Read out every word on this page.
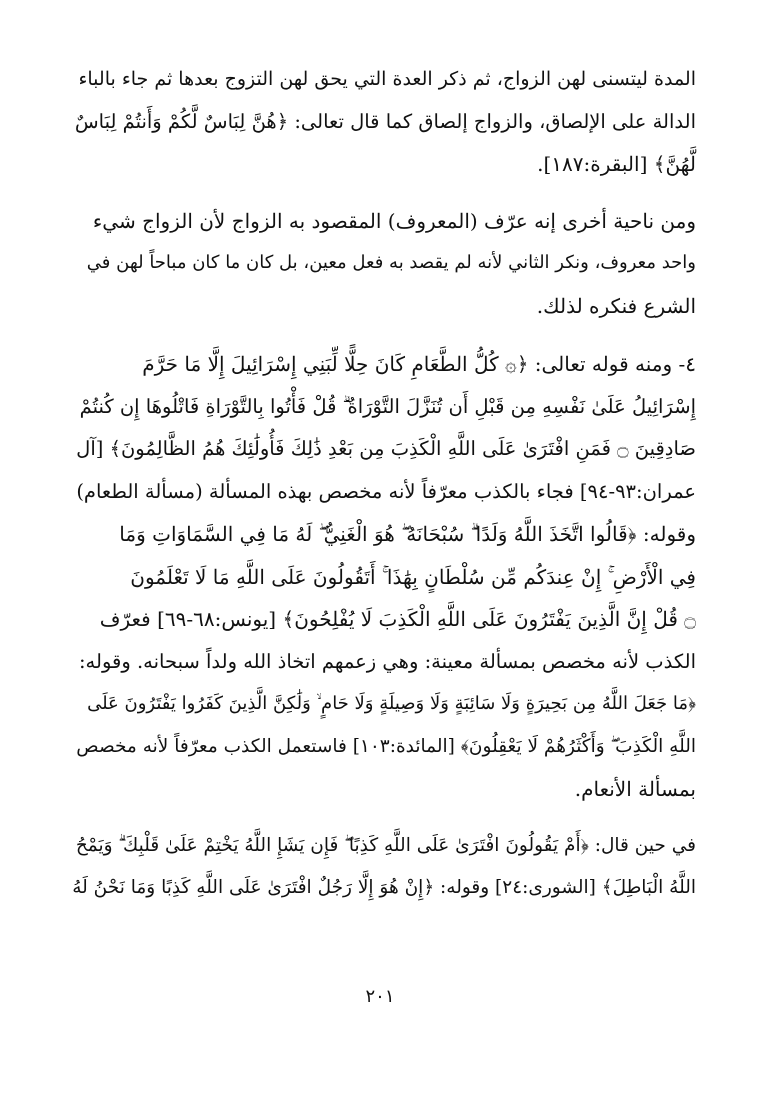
المدة ليتسنى لهن الزواج، ثم ذكر العدة التي يحق لهن التزوج بعدها ثم جاء بالباء
الدالة على الإلصاق، والزواج إلصاق كما قال تعالى: ﴿هُنَّ لِبَاسٌ لَّكُمْ وَأَنتُمْ لِبَاسٌ
لَّهُنَّ﴾ [البقرة:١٨٧].
ومن ناحية أخرى إنه عرّف (المعروف) المقصود به الزواج لأن الزواج شيء
واحد معروف، ونكر الثاني لأنه لم يقصد به فعل معين، بل كان ما كان مباحاً لهن في
الشرع فنكره لذلك.
٤- ومنه قوله تعالى: ﴿۞ كُلُّ الطَّعَامِ كَانَ حِلًّا لِّبَنِي إِسْرَائِيلَ إِلَّا مَا حَرَّمَ
إِسْرَائِيلُ عَلَىٰ نَفْسِهِ مِن قَبْلِ أَن تُنَزَّلَ التَّوْرَاةُ ۗ قُلْ فَأْتُوا بِالتَّوْرَاةِ فَاتْلُوهَا إِن كُنتُمْ
صَادِقِينَ ۝ فَمَنِ افْتَرَىٰ عَلَى اللَّهِ الْكَذِبَ مِن بَعْدِ ذَٰلِكَ فَأُولَٰئِكَ هُمُ الظَّالِمُونَ﴾ [آل
عمران:٩٣-٩٤] فجاء بالكذب معرّفاً لأنه مخصص بهذه المسألة (مسألة الطعام)
وقوله: ﴿قَالُوا اتَّخَذَ اللَّهُ وَلَدًا ۗ سُبْحَانَهُ ۖ هُوَ الْغَنِيُّ ۖ لَهُ مَا فِي السَّمَاوَاتِ وَمَا
فِي الْأَرْضِ ۚ إِنْ عِندَكُم مِّن سُلْطَانٍ بِهَٰذَا ۚ أَتَقُولُونَ عَلَى اللَّهِ مَا لَا تَعْلَمُونَ
۝ قُلْ إِنَّ الَّذِينَ يَفْتَرُونَ عَلَى اللَّهِ الْكَذِبَ لَا يُفْلِحُونَ﴾ [يونس:٦٨-٦٩] فعرّف
الكذب لأنه مخصص بمسألة معينة: وهي زعمهم اتخاذ الله ولداً سبحانه. وقوله:
﴿مَا جَعَلَ اللَّهُ مِن بَحِيرَةٍ وَلَا سَائِبَةٍ وَلَا وَصِيلَةٍ وَلَا حَامٍ ۙ وَلَٰكِنَّ الَّذِينَ كَفَرُوا يَفْتَرُونَ عَلَى
اللَّهِ الْكَذِبَ ۖ وَأَكْثَرُهُمْ لَا يَعْقِلُونَ﴾ [المائدة:١٠٣] فاستعمل الكذب معرّفاً لأنه مخصص
بمسألة الأنعام.
في حين قال: ﴿أَمْ يَقُولُونَ افْتَرَىٰ عَلَى اللَّهِ كَذِبًا ۖ فَإِن يَشَإِ اللَّهُ يَخْتِمْ عَلَىٰ قَلْبِكَ ۗ وَيَمْحُ
اللَّهُ الْبَاطِلَ﴾ [الشورى:٢٤] وقوله: ﴿إِنْ هُوَ إِلَّا رَجُلٌ افْتَرَىٰ عَلَى اللَّهِ كَذِبًا وَمَا نَحْنُ لَهُ
٢٠١
